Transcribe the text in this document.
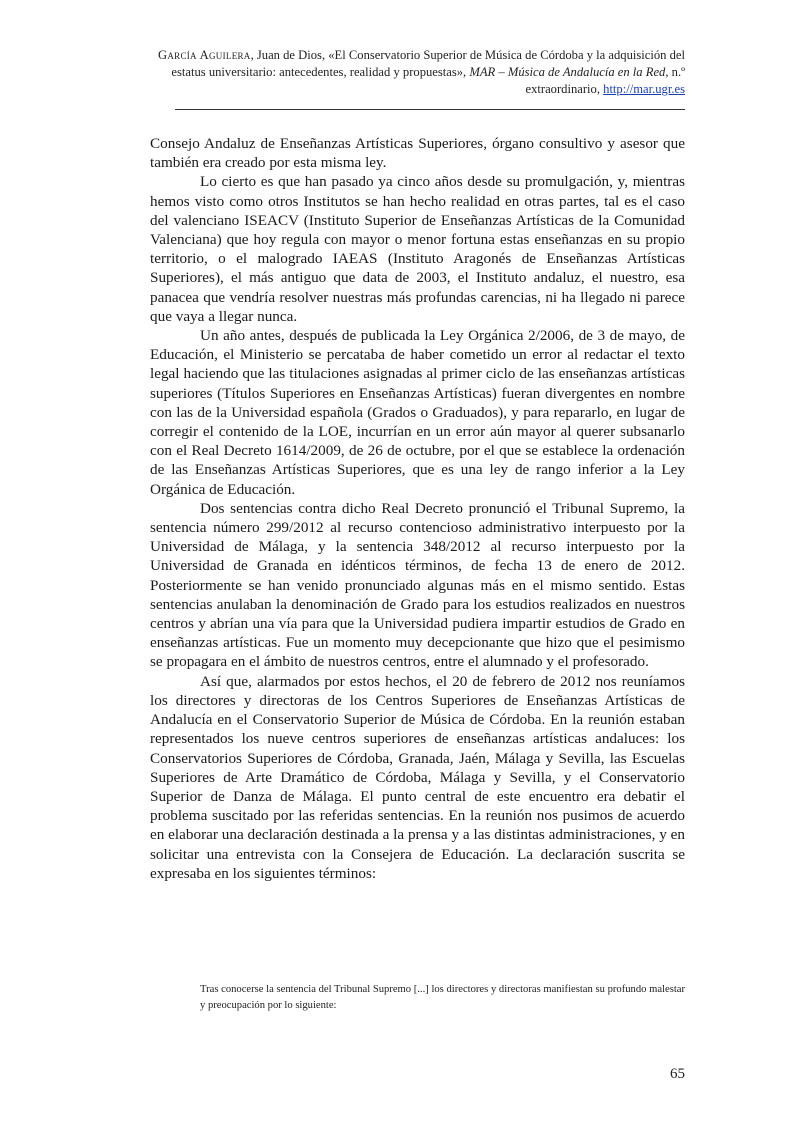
García Aguilera, Juan de Dios, «El Conservatorio Superior de Música de Córdoba y la adquisición del estatus universitario: antecedentes, realidad y propuestas», MAR – Música de Andalucía en la Red, n.º extraordinario, http://mar.ugr.es

Consejo Andaluz de Enseñanzas Artísticas Superiores, órgano consultivo y asesor que también era creado por esta misma ley.

Lo cierto es que han pasado ya cinco años desde su promulgación, y, mientras hemos visto como otros Institutos se han hecho realidad en otras partes, tal es el caso del valenciano ISEACV (Instituto Superior de Enseñanzas Artísticas de la Comunidad Valenciana) que hoy regula con mayor o menor fortuna estas enseñanzas en su propio territorio, o el malogrado IAEAS (Instituto Aragonés de Enseñanzas Artísticas Superiores), el más antiguo que data de 2003, el Instituto andaluz, el nuestro, esa panacea que vendría resolver nuestras más profundas carencias, ni ha llegado ni parece que vaya a llegar nunca.

Un año antes, después de publicada la Ley Orgánica 2/2006, de 3 de mayo, de Educación, el Ministerio se percataba de haber cometido un error al redactar el texto legal haciendo que las titulaciones asignadas al primer ciclo de las enseñanzas artísticas superiores (Títulos Superiores en Enseñanzas Artísticas) fueran divergentes en nombre con las de la Universidad española (Grados o Graduados), y para repararlo, en lugar de corregir el contenido de la LOE, incurrían en un error aún mayor al querer subsanarlo con el Real Decreto 1614/2009, de 26 de octubre, por el que se establece la ordenación de las Enseñanzas Artísticas Superiores, que es una ley de rango inferior a la Ley Orgánica de Educación.

Dos sentencias contra dicho Real Decreto pronunció el Tribunal Supremo, la sentencia número 299/2012 al recurso contencioso administrativo interpuesto por la Universidad de Málaga, y la sentencia 348/2012 al recurso interpuesto por la Universidad de Granada en idénticos términos, de fecha 13 de enero de 2012. Posteriormente se han venido pronunciado algunas más en el mismo sentido. Estas sentencias anulaban la denominación de Grado para los estudios realizados en nuestros centros y abrían una vía para que la Universidad pudiera impartir estudios de Grado en enseñanzas artísticas. Fue un momento muy decepcionante que hizo que el pesimismo se propagara en el ámbito de nuestros centros, entre el alumnado y el profesorado.

Así que, alarmados por estos hechos, el 20 de febrero de 2012 nos reuníamos los directores y directoras de los Centros Superiores de Enseñanzas Artísticas de Andalucía en el Conservatorio Superior de Música de Córdoba. En la reunión estaban representados los nueve centros superiores de enseñanzas artísticas andaluces: los Conservatorios Superiores de Córdoba, Granada, Jaén, Málaga y Sevilla, las Escuelas Superiores de Arte Dramático de Córdoba, Málaga y Sevilla, y el Conservatorio Superior de Danza de Málaga. El punto central de este encuentro era debatir el problema suscitado por las referidas sentencias. En la reunión nos pusimos de acuerdo en elaborar una declaración destinada a la prensa y a las distintas administraciones, y en solicitar una entrevista con la Consejera de Educación. La declaración suscrita se expresaba en los siguientes términos:

Tras conocerse la sentencia del Tribunal Supremo [...] los directores y directoras manifiestan su profundo malestar y preocupación por lo siguiente:
65
